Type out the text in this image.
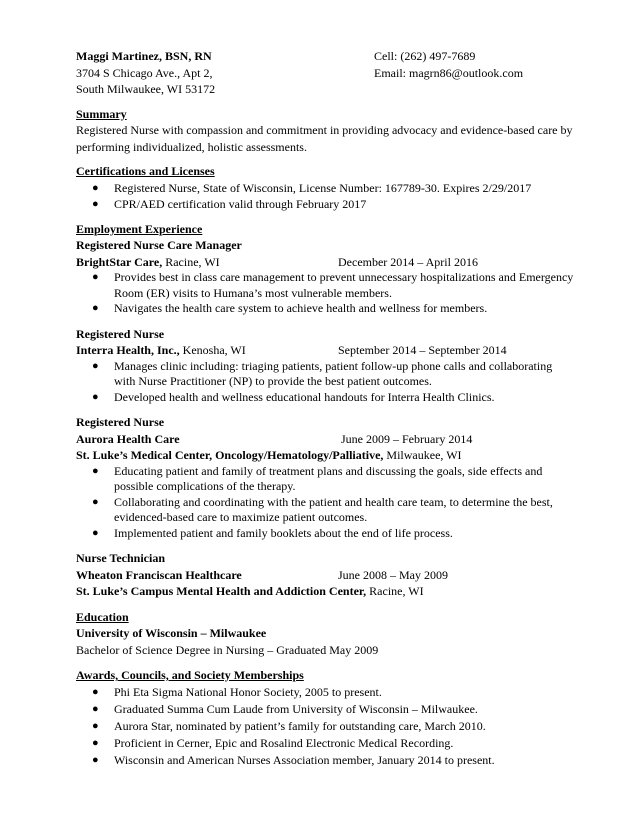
Maggi Martinez, BSN, RN	Cell: (262) 497-7689
3704 S Chicago Ave., Apt 2,	Email: magrn86@outlook.com
South Milwaukee, WI 53172
Summary
Registered Nurse with compassion and commitment in providing advocacy and evidence-based care by performing individualized, holistic assessments.
Certifications and Licenses
● Registered Nurse, State of Wisconsin, License Number: 167789-30. Expires 2/29/2017
● CPR/AED certification valid through February 2017
Employment Experience
Registered Nurse Care Manager
BrightStar Care, Racine, WI	December 2014 – April 2016
● Provides best in class care management to prevent unnecessary hospitalizations and Emergency Room (ER) visits to Humana’s most vulnerable members.
● Navigates the health care system to achieve health and wellness for members.
Registered Nurse
Interra Health, Inc., Kenosha, WI	September 2014 – September 2014
● Manages clinic including: triaging patients, patient follow-up phone calls and collaborating with Nurse Practitioner (NP) to provide the best patient outcomes.
● Developed health and wellness educational handouts for Interra Health Clinics.
Registered Nurse
Aurora Health Care	June 2009 – February 2014
St. Luke’s Medical Center, Oncology/Hematology/Palliative, Milwaukee, WI
● Educating patient and family of treatment plans and discussing the goals, side effects and possible complications of the therapy.
● Collaborating and coordinating with the patient and health care team, to determine the best, evidenced-based care to maximize patient outcomes.
● Implemented patient and family booklets about the end of life process.
Nurse Technician
Wheaton Franciscan Healthcare	June 2008 – May 2009
St. Luke’s Campus Mental Health and Addiction Center, Racine, WI
Education
University of Wisconsin – Milwaukee
Bachelor of Science Degree in Nursing – Graduated May 2009
Awards, Councils, and Society Memberships
● Phi Eta Sigma National Honor Society, 2005 to present.
● Graduated Summa Cum Laude from University of Wisconsin – Milwaukee.
● Aurora Star, nominated by patient’s family for outstanding care, March 2010.
● Proficient in Cerner, Epic and Rosalind Electronic Medical Recording.
● Wisconsin and American Nurses Association member, January 2014 to present.
